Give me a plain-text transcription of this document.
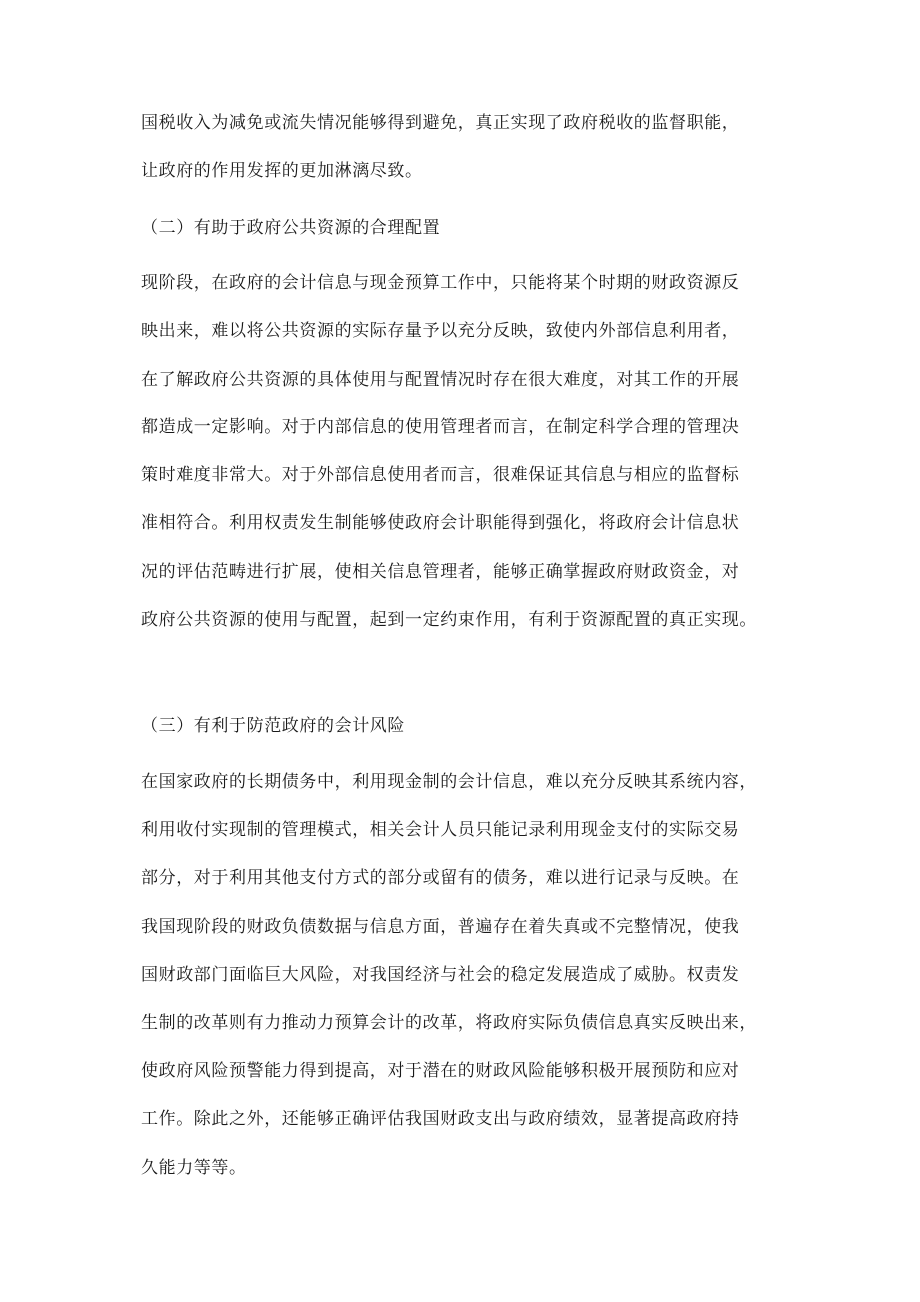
国税收入为减免或流失情况能够得到避免，真正实现了政府税收的监督职能，
让政府的作用发挥的更加淋漓尽致。
（二）有助于政府公共资源的合理配置
现阶段，在政府的会计信息与现金预算工作中，只能将某个时期的财政资源反
映出来，难以将公共资源的实际存量予以充分反映，致使内外部信息利用者，
在了解政府公共资源的具体使用与配置情况时存在很大难度，对其工作的开展
都造成一定影响。对于内部信息的使用管理者而言，在制定科学合理的管理决
策时难度非常大。对于外部信息使用者而言，很难保证其信息与相应的监督标
准相符合。利用权责发生制能够使政府会计职能得到强化，将政府会计信息状
况的评估范畴进行扩展，使相关信息管理者，能够正确掌握政府财政资金，对
政府公共资源的使用与配置，起到一定约束作用，有利于资源配置的真正实现。
（三）有利于防范政府的会计风险
在国家政府的长期债务中，利用现金制的会计信息，难以充分反映其系统内容，
利用收付实现制的管理模式，相关会计人员只能记录利用现金支付的实际交易
部分，对于利用其他支付方式的部分或留有的债务，难以进行记录与反映。在
我国现阶段的财政负债数据与信息方面，普遍存在着失真或不完整情况，使我
国财政部门面临巨大风险，对我国经济与社会的稳定发展造成了威胁。权责发
生制的改革则有力推动力预算会计的改革，将政府实际负债信息真实反映出来，
使政府风险预警能力得到提高，对于潜在的财政风险能够积极开展预防和应对
工作。除此之外，还能够正确评估我国财政支出与政府绩效，显著提高政府持
久能力等等。
